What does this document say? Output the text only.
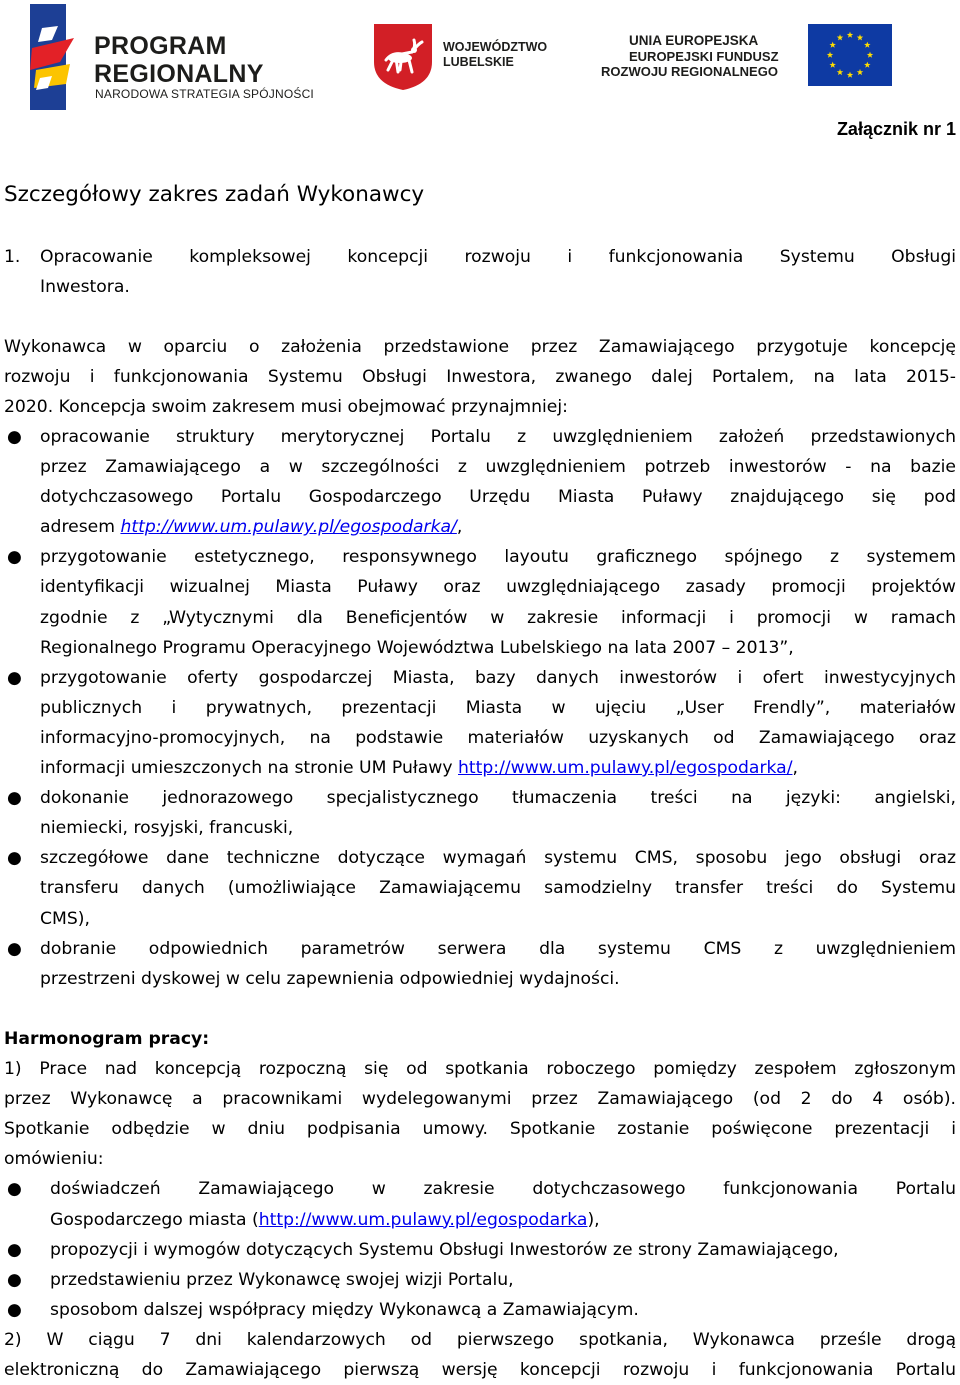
PROGRAM
REGIONALNY
NARODOWA STRATEGIA SPÓJNOŚCI
WOJEWÓDZTWO
LUBELSKIE
UNIA EUROPEJSKA
EUROPEJSKI FUNDUSZ
ROZWOJU REGIONALNEGO
Załącznik nr 1
Szczegółowy zakres zadań Wykonawcy
1. Opracowanie kompleksowej koncepcji rozwoju i funkcjonowania Systemu Obsługi
Inwestora.
Wykonawca w oparciu o założenia przedstawione przez Zamawiającego przygotuje koncepcję
rozwoju i funkcjonowania Systemu Obsługi Inwestora, zwanego dalej Portalem, na lata 2015-
2020. Koncepcja swoim zakresem musi obejmować przynajmniej:
● opracowanie struktury merytorycznej Portalu z uwzględnieniem założeń przedstawionych
przez Zamawiającego a w szczególności z uwzględnieniem potrzeb inwestorów - na bazie
dotychczasowego Portalu Gospodarczego Urzędu Miasta Puławy znajdującego się pod
adresem http://www.um.pulawy.pl/egospodarka/,
● przygotowanie estetycznego, responsywnego layoutu graficznego spójnego z systemem
identyfikacji wizualnej Miasta Puławy oraz uwzględniającego zasady promocji projektów
zgodnie z „Wytycznymi dla Beneficjentów w zakresie informacji i promocji w ramach
Regionalnego Programu Operacyjnego Województwa Lubelskiego na lata 2007 – 2013”,
● przygotowanie oferty gospodarczej Miasta, bazy danych inwestorów i ofert inwestycyjnych
publicznych i prywatnych, prezentacji Miasta w ujęciu „User Frendly”, materiałów
informacyjno-promocyjnych, na podstawie materiałów uzyskanych od Zamawiającego oraz
informacji umieszczonych na stronie UM Puławy http://www.um.pulawy.pl/egospodarka/,
● dokonanie jednorazowego specjalistycznego tłumaczenia treści na języki: angielski,
niemiecki, rosyjski, francuski,
● szczegółowe dane techniczne dotyczące wymagań systemu CMS, sposobu jego obsługi oraz
transferu danych (umożliwiające Zamawiającemu samodzielny transfer treści do Systemu
CMS),
● dobranie odpowiednich parametrów serwera dla systemu CMS z uwzględnieniem
przestrzeni dyskowej w celu zapewnienia odpowiedniej wydajności.
Harmonogram pracy:
1) Prace nad koncepcją rozpoczną się od spotkania roboczego pomiędzy zespołem zgłoszonym
przez Wykonawcę a pracownikami wydelegowanymi przez Zamawiającego (od 2 do 4 osób).
Spotkanie odbędzie w dniu podpisania umowy. Spotkanie zostanie poświęcone prezentacji i
omówieniu:
● doświadczeń Zamawiającego w zakresie dotychczasowego funkcjonowania Portalu
Gospodarczego miasta (http://www.um.pulawy.pl/egospodarka),
● propozycji i wymogów dotyczących Systemu Obsługi Inwestorów ze strony Zamawiającego,
● przedstawieniu przez Wykonawcę swojej wizji Portalu,
● sposobom dalszej współpracy między Wykonawcą a Zamawiającym.
2) W ciągu 7 dni kalendarzowych od pierwszego spotkania, Wykonawca prześle drogą
elektroniczną do Zamawiającego pierwszą wersję koncepcji rozwoju i funkcjonowania Portalu
